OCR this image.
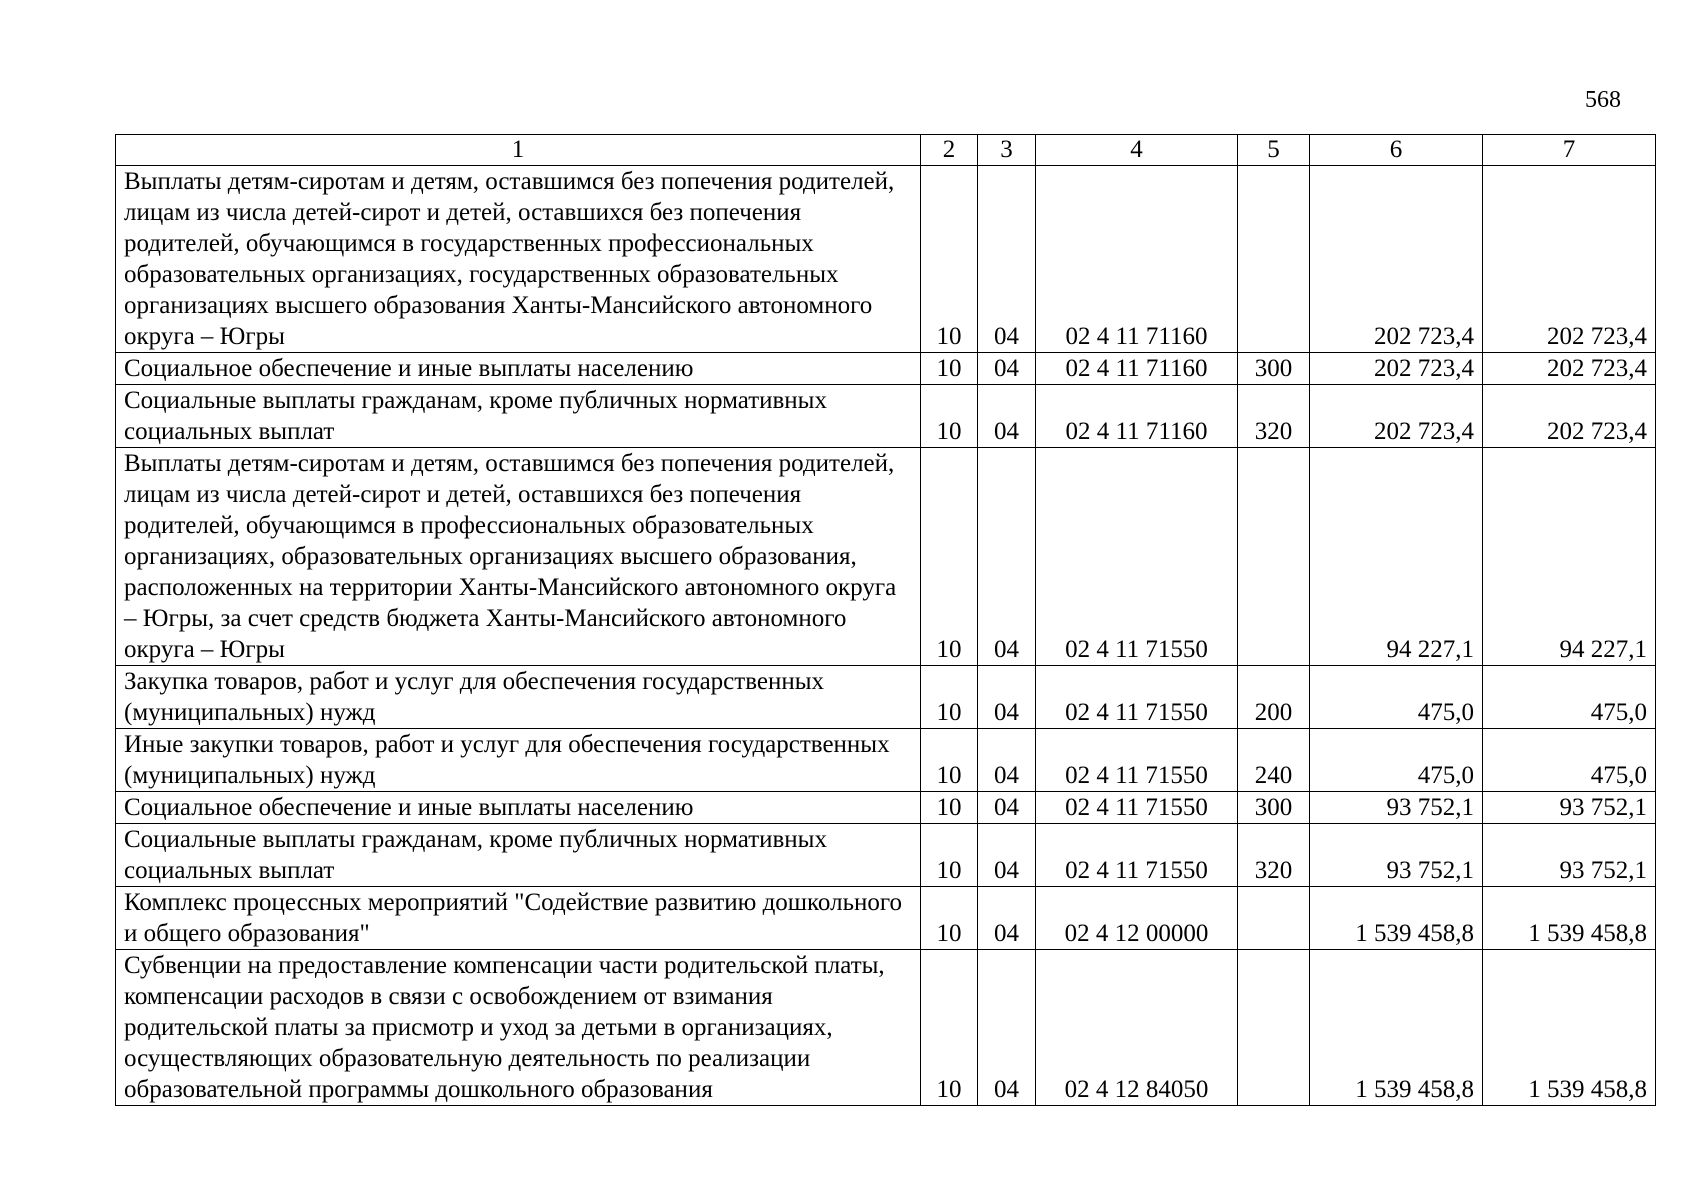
568
1	2	3	4	5	6	7
Выплаты детям-сиротам и детям, оставшимся без попечения родителей, лицам из числа детей-сирот и детей, оставшихся без попечения родителей, обучающимся в государственных профессиональных образовательных организациях, государственных образовательных организациях высшего образования Ханты-Мансийского автономного округа – Югры	10	04	02 4 11 71160		202 723,4	202 723,4
Социальное обеспечение и иные выплаты населению	10	04	02 4 11 71160	300	202 723,4	202 723,4
Социальные выплаты гражданам, кроме публичных нормативных социальных выплат	10	04	02 4 11 71160	320	202 723,4	202 723,4
Выплаты детям-сиротам и детям, оставшимся без попечения родителей, лицам из числа детей-сирот и детей, оставшихся без попечения родителей, обучающимся в профессиональных образовательных организациях, образовательных организациях высшего образования, расположенных на территории Ханты-Мансийского автономного округа – Югры, за счет средств бюджета Ханты-Мансийского автономного округа – Югры	10	04	02 4 11 71550		94 227,1	94 227,1
Закупка товаров, работ и услуг для обеспечения государственных (муниципальных) нужд	10	04	02 4 11 71550	200	475,0	475,0
Иные закупки товаров, работ и услуг для обеспечения государственных (муниципальных) нужд	10	04	02 4 11 71550	240	475,0	475,0
Социальное обеспечение и иные выплаты населению	10	04	02 4 11 71550	300	93 752,1	93 752,1
Социальные выплаты гражданам, кроме публичных нормативных социальных выплат	10	04	02 4 11 71550	320	93 752,1	93 752,1
Комплекс процессных мероприятий "Содействие развитию дошкольного и общего образования"	10	04	02 4 12 00000		1 539 458,8	1 539 458,8
Субвенции на предоставление компенсации части родительской платы, компенсации расходов в связи с освобождением от взимания родительской платы за присмотр и уход за детьми в организациях, осуществляющих образовательную деятельность по реализации образовательной программы дошкольного образования	10	04	02 4 12 84050		1 539 458,8	1 539 458,8
